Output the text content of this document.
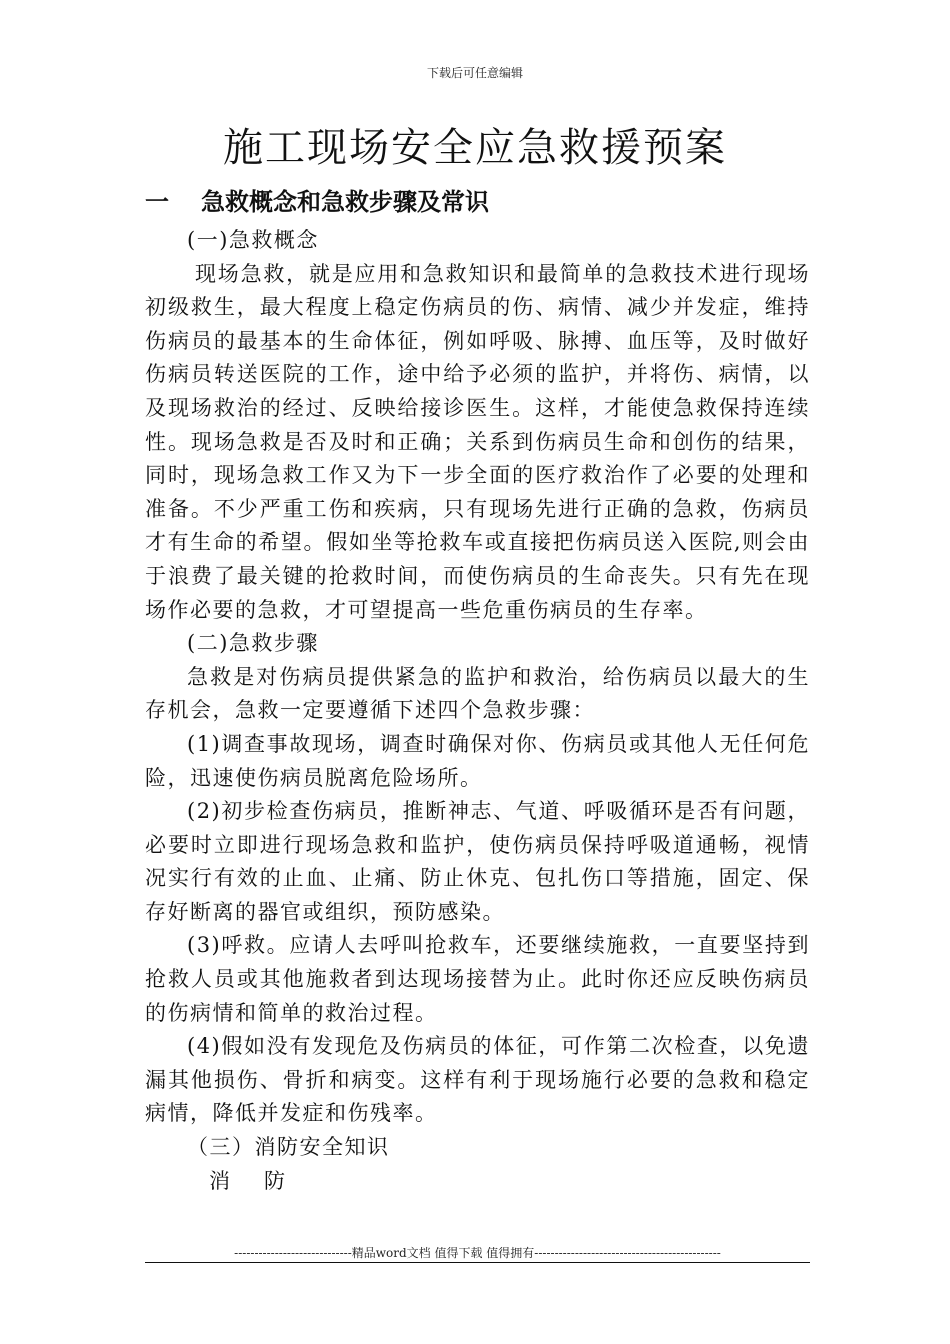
下载后可任意编辑
施工现场安全应急救援预案
一 急救概念和急救步骤及常识

(一)急救概念

现场急救，就是应用和急救知识和最简单的急救技术进行现场初级救生，最大程度上稳定伤病员的伤、病情、减少并发症，维持伤病员的最基本的生命体征，例如呼吸、脉搏、血压等，及时做好伤病员转送医院的工作，途中给予必须的监护，并将伤、病情，以及现场救治的经过、反映给接诊医生。这样，才能使急救保持连续性。现场急救是否及时和正确；关系到伤病员生命和创伤的结果，同时，现场急救工作又为下一步全面的医疗救治作了必要的处理和准备。不少严重工伤和疾病，只有现场先进行正确的急救，伤病员才有生命的希望。假如坐等抢救车或直接把伤病员送入医院,则会由于浪费了最关键的抢救时间，而使伤病员的生命丧失。只有先在现场作必要的急救，才可望提高一些危重伤病员的生存率。

(二)急救步骤

急救是对伤病员提供紧急的监护和救治，给伤病员以最大的生存机会，急救一定要遵循下述四个急救步骤：

(1)调查事故现场，调查时确保对你、伤病员或其他人无任何危险，迅速使伤病员脱离危险场所。

(2)初步检查伤病员，推断神志、气道、呼吸循环是否有问题，必要时立即进行现场急救和监护，使伤病员保持呼吸道通畅，视情况实行有效的止血、止痛、防止休克、包扎伤口等措施，固定、保存好断离的器官或组织，预防感染。

(3)呼救。应请人去呼叫抢救车，还要继续施救，一直要坚持到抢救人员或其他施救者到达现场接替为止。此时你还应反映伤病员的伤病情和简单的救治过程。

(4)假如没有发现危及伤病员的体征，可作第二次检查，以免遗漏其他损伤、骨折和病变。这样有利于现场施行必要的急救和稳定病情，降低并发症和伤残率。

（三）消防安全知识

消防

-----------------------------精品word文档 值得下载 值得拥有----------------------------------------------
